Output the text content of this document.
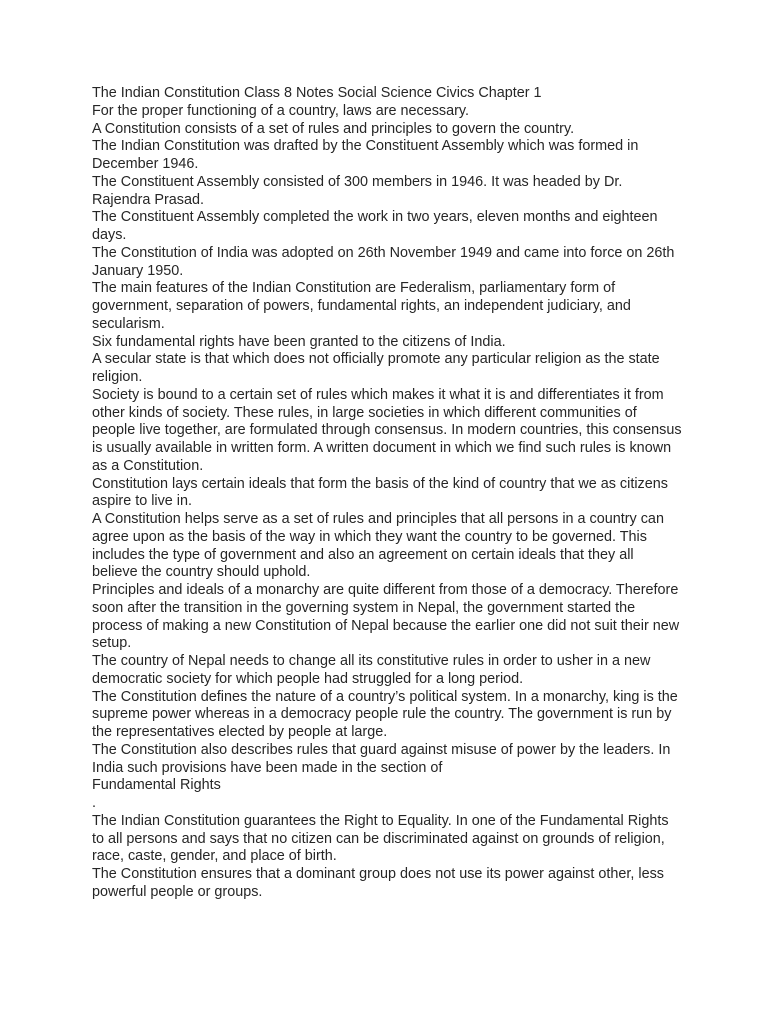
The Indian Constitution Class 8 Notes Social Science Civics Chapter 1

For the proper functioning of a country, laws are necessary.

A Constitution consists of a set of rules and principles to govern the country.

The Indian Constitution was drafted by the Constituent Assembly which was formed in
December 1946.

The Constituent Assembly consisted of 300 members in 1946. It was headed by Dr.
Rajendra Prasad.

The Constituent Assembly completed the work in two years, eleven months and eighteen
days.

The Constitution of India was adopted on 26th November 1949 and came into force on 26th
January 1950.

The main features of the Indian Constitution are Federalism, parliamentary form of
government, separation of powers, fundamental rights, an independent judiciary, and
secularism.

Six fundamental rights have been granted to the citizens of India.

A secular state is that which does not officially promote any particular religion as the state
religion.

Society is bound to a certain set of rules which makes it what it is and differentiates it from
other kinds of society. These rules, in large societies in which different communities of
people live together, are formulated through consensus. In modern countries, this consensus
is usually available in written form. A written document in which we find such rules is known
as a Constitution.

Constitution lays certain ideals that form the basis of the kind of country that we as citizens
aspire to live in.

A Constitution helps serve as a set of rules and principles that all persons in a country can
agree upon as the basis of the way in which they want the country to be governed. This
includes the type of government and also an agreement on certain ideals that they all
believe the country should uphold.

Principles and ideals of a monarchy are quite different from those of a democracy. Therefore
soon after the transition in the governing system in Nepal, the government started the
process of making a new Constitution of Nepal because the earlier one did not suit their new
setup.

The country of Nepal needs to change all its constitutive rules in order to usher in a new
democratic society for which people had struggled for a long period.

The Constitution defines the nature of a country’s political system. In a monarchy, king is the
supreme power whereas in a democracy people rule the country. The government is run by
the representatives elected by people at large.

The Constitution also describes rules that guard against misuse of power by the leaders. In
India such provisions have been made in the section of

Fundamental Rights

.

The Indian Constitution guarantees the Right to Equality. In one of the Fundamental Rights
to all persons and says that no citizen can be discriminated against on grounds of religion,
race, caste, gender, and place of birth.

The Constitution ensures that a dominant group does not use its power against other, less
powerful people or groups.
